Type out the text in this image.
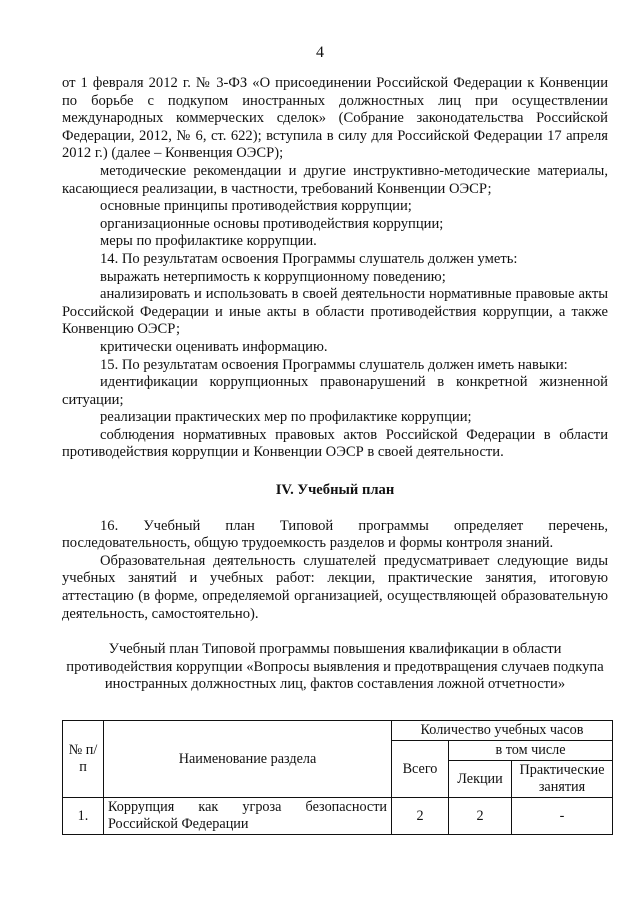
4

от 1 февраля 2012 г. № 3-ФЗ «О присоединении Российской Федерации к Конвенции по борьбе с подкупом иностранных должностных лиц при осуществлении международных коммерческих сделок» (Собрание законодательства Российской Федерации, 2012, № 6, ст. 622); вступила в силу для Российской Федерации 17 апреля 2012 г.) (далее – Конвенция ОЭСР);

методические рекомендации и другие инструктивно-методические материалы, касающиеся реализации, в частности, требований Конвенции ОЭСР;

основные принципы противодействия коррупции;

организационные основы противодействия коррупции;

меры по профилактике коррупции.

14. По результатам освоения Программы слушатель должен уметь:

выражать нетерпимость к коррупционному поведению;

анализировать и использовать в своей деятельности нормативные правовые акты Российской Федерации и иные акты в области противодействия коррупции, а также Конвенцию ОЭСР;

критически оценивать информацию.

15. По результатам освоения Программы слушатель должен иметь навыки:

идентификации коррупционных правонарушений в конкретной жизненной ситуации;

реализации практических мер по профилактике коррупции;

соблюдения нормативных правовых актов Российской Федерации в области противодействия коррупции и Конвенции ОЭСР в своей деятельности.

IV. Учебный план

16. Учебный план Типовой программы определяет перечень, последовательность, общую трудоемкость разделов и формы контроля знаний.

Образовательная деятельность слушателей предусматривает следующие виды учебных занятий и учебных работ: лекции, практические занятия, итоговую аттестацию (в форме, определяемой организацией, осуществляющей образовательную деятельность, самостоятельно).

Учебный план Типовой программы повышения квалификации в области противодействия коррупции «Вопросы выявления и предотвращения случаев подкупа иностранных должностных лиц, фактов составления ложной отчетности»

№ п/п	Наименование раздела	Количество учебных часов		
		Всего	в том числе	
			Лекции	Практические занятия
1.	Коррупция как угроза безопасности Российской Федерации	2	2	-
